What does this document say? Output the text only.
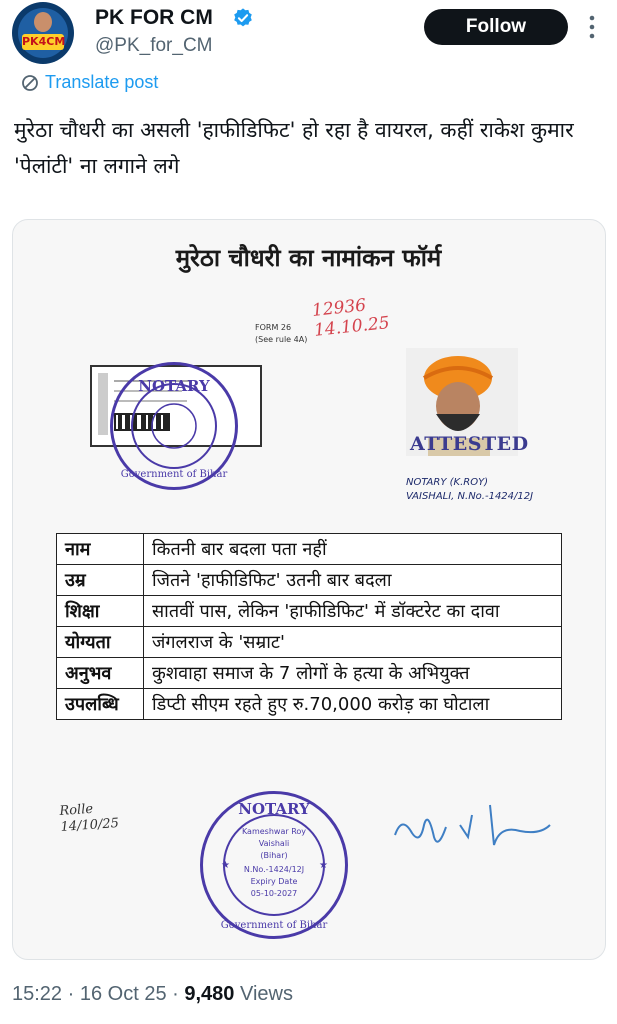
PK4CM
PK FOR CM
@PK_for_CM
Follow
Translate post
मुरेठा चौधरी का असली 'हाफीडिफिट' हो रहा है वायरल, कहीं राकेश कुमार 'पेलांटी' ना लगाने लगे
मुरेठा चौधरी का नामांकन फॉर्म
FORM 26
(See rule 4A)
12936
14.10.25
NOTARY
Government of Bihar
ATTESTED
NOTARY (K.ROY)
VAISHALI, N.No.-1424/12J
नाम	कितनी बार बदला पता नहीं
उम्र	जितने 'हाफीडिफिट' उतनी बार बदला
शिक्षा	सातवीं पास, लेकिन 'हाफीडिफिट' में डॉक्टरेट का दावा
योग्यता	जंगलराज के 'सम्राट'
अनुभव	कुशवाहा समाज के 7 लोगों के हत्या के अभियुक्त
उपलब्धि	डिप्टी सीएम रहते हुए रु.70,000 करोड़ का घोटाला
Rolle
14/10/25
NOTARY
Government of Bihar
Kameshwar Roy
Vaishali
(Bihar)
N.No.-1424/12J
Expiry Date
05-10-2027
★	★
15:22 · 16 Oct 25 · 9,480 Views
